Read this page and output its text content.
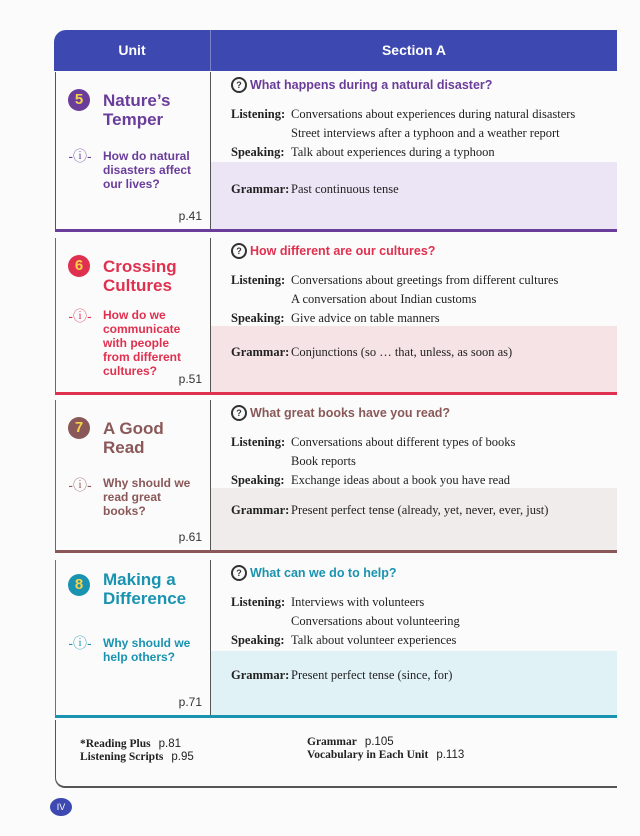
Unit	Section A
5	Nature’s
Temper
-ⓘ- How do natural disasters affect our lives?
p.41
? What happens during a natural disaster?
Listening: Conversations about experiences during natural disasters
Street interviews after a typhoon and a weather report
Speaking: Talk about experiences during a typhoon
Grammar: Past continuous tense
6	Crossing
Cultures
-ⓘ- How do we communicate with people from different cultures?
p.51
? How different are our cultures?
Listening: Conversations about greetings from different cultures
A conversation about Indian customs
Speaking: Give advice on table manners
Grammar: Conjunctions (so … that, unless, as soon as)
7	A Good
Read
-ⓘ- Why should we read great books?
p.61
? What great books have you read?
Listening: Conversations about different types of books
Book reports
Speaking: Exchange ideas about a book you have read
Grammar: Present perfect tense (already, yet, never, ever, just)
8	Making a
Difference
-ⓘ- Why should we help others?
p.71
? What can we do to help?
Listening: Interviews with volunteers
Conversations about volunteering
Speaking: Talk about volunteer experiences
Grammar: Present perfect tense (since, for)
*Reading Plus p.81
Listening Scripts p.95
Grammar p.105
Vocabulary in Each Unit p.113
IV
